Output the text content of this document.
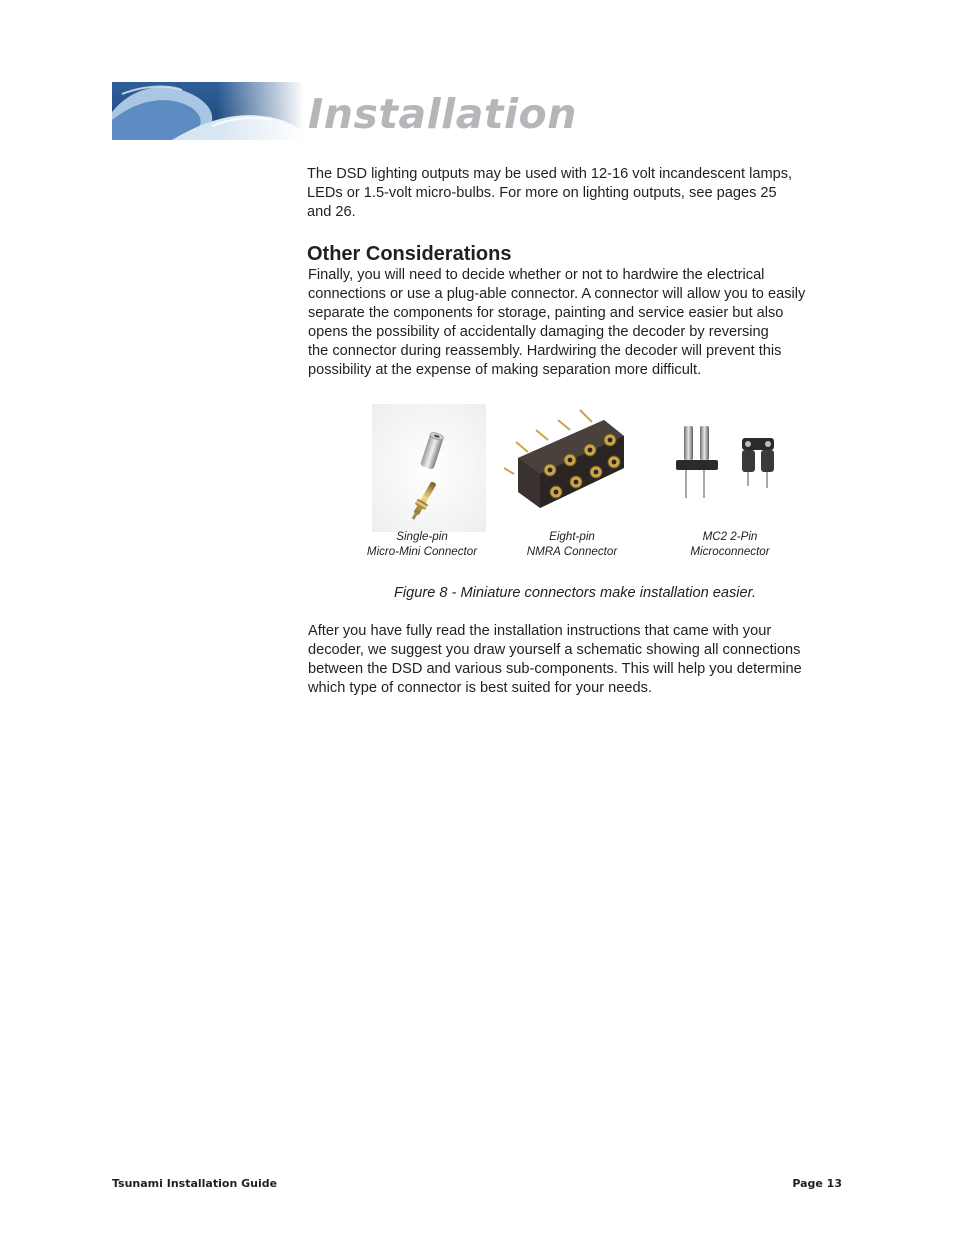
Installation
The DSD lighting outputs may be used with 12-16 volt incandescent lamps,
LEDs or 1.5-volt micro-bulbs. For more on lighting outputs, see pages 25
and 26.
Other Considerations
Finally, you will need to decide whether or not to hardwire the electrical
connections or use a plug-able connector. A connector will allow you to easily
separate the components for storage, painting and service easier but also
opens the possibility of accidentally damaging the decoder by reversing
the connector during reassembly. Hardwiring the decoder will prevent this
possibility at the expense of making separation more difficult.
Single-pin
Micro-Mini Connector
Eight-pin
NMRA Connector
MC2 2-Pin
Microconnector
Figure 8 - Miniature connectors make installation easier.
After you have fully read the installation instructions that came with your
decoder, we suggest you draw yourself a schematic showing all connections
between the DSD and various sub-components. This will help you determine
which type of connector is best suited for your needs.
Tsunami Installation Guide	Page 13
